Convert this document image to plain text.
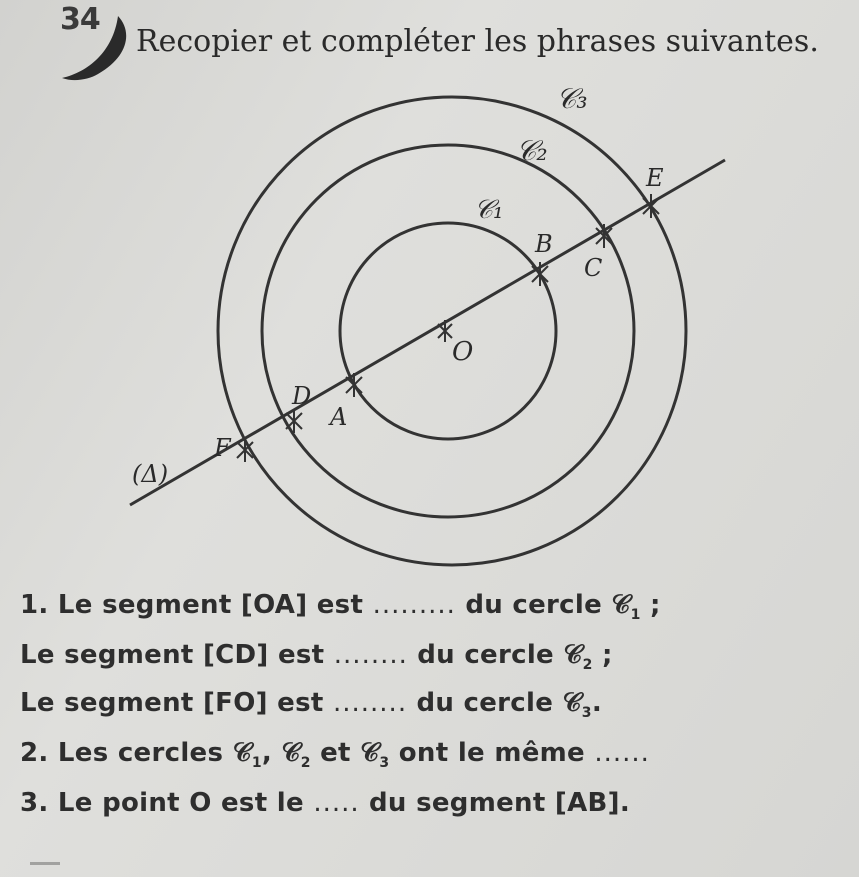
34
Recopier et compléter les phrases suivantes.
𝒞₃
𝒞₂
𝒞₁
O
A
B
C
D
E
F
(Δ)
1. Le segment [OA] est ......... du cercle 𝒞$_1$ ;
Le segment [CD] est ........ du cercle 𝒞$_2$ ;
Le segment [FO] est ........ du cercle 𝒞$_3$.
2. Les cercles 𝒞$_1$, 𝒞$_2$ et 𝒞$_3$ ont le même ......
3. Le point O est le ..... du segment [AB].
